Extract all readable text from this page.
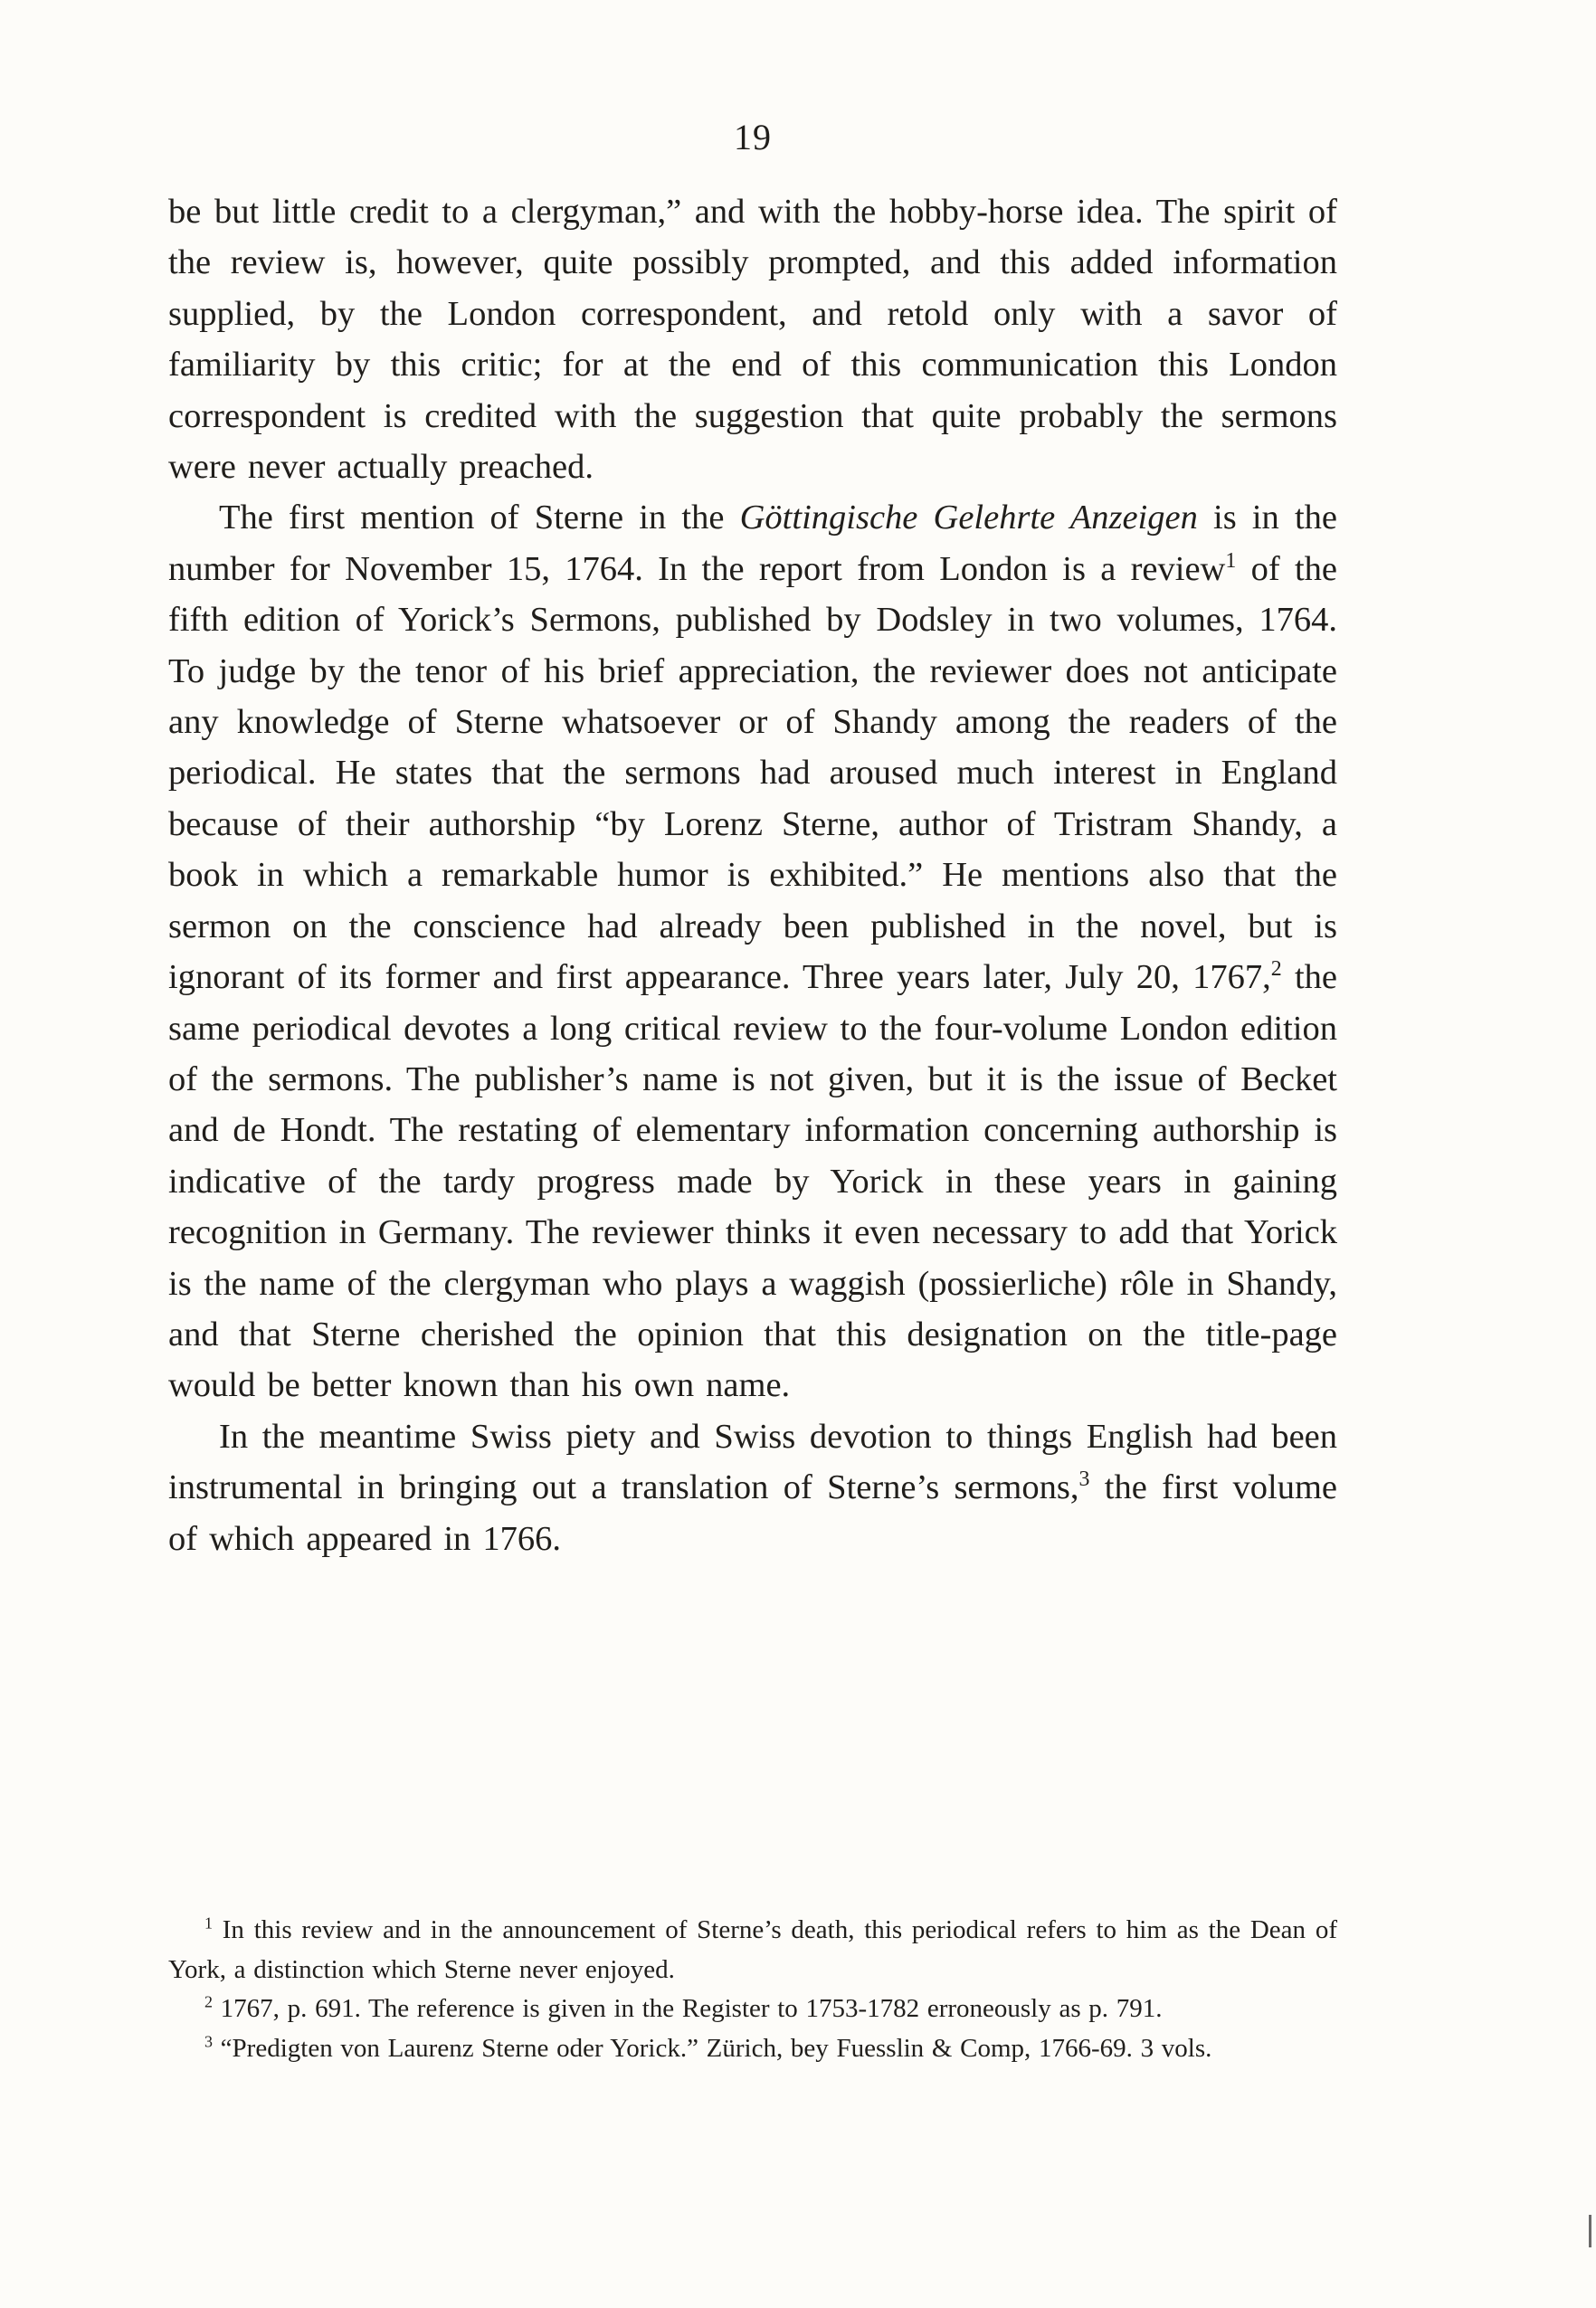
19

be but little credit to a clergyman,” and with the hobby-horse idea. The spirit of the review is, however, quite possibly prompted, and this added information supplied, by the London correspondent, and retold only with a savor of familiarity by this critic; for at the end of this communication this London correspondent is credited with the suggestion that quite probably the sermons were never actually preached.

The first mention of Sterne in the Göttingische Gelehrte Anzeigen is in the number for November 15, 1764. In the report from London is a review$^1$ of the fifth edition of Yorick’s Sermons, published by Dodsley in two volumes, 1764. To judge by the tenor of his brief appreciation, the reviewer does not anticipate any knowledge of Sterne whatsoever or of Shandy among the readers of the periodical. He states that the sermons had aroused much interest in England because of their authorship “by Lorenz Sterne, author of Tristram Shandy, a book in which a remarkable humor is exhibited.” He mentions also that the sermon on the conscience had already been published in the novel, but is ignorant of its former and first appearance. Three years later, July 20, 1767,$^2$ the same periodical devotes a long critical review to the four-volume London edition of the sermons. The publisher’s name is not given, but it is the issue of Becket and de Hondt. The restating of elementary information concerning authorship is indicative of the tardy progress made by Yorick in these years in gaining recognition in Germany. The reviewer thinks it even necessary to add that Yorick is the name of the clergyman who plays a waggish (possierliche) rôle in Shandy, and that Sterne cherished the opinion that this designation on the title-page would be better known than his own name.

In the meantime Swiss piety and Swiss devotion to things English had been instrumental in bringing out a translation of Sterne’s sermons,$^3$ the first volume of which appeared in 1766.

$^1$ In this review and in the announcement of Sterne’s death, this periodical refers to him as the Dean of York, a distinction which Sterne never enjoyed.

$^2$ 1767, p. 691. The reference is given in the Register to 1753-1782 erroneously as p. 791.

$^3$ “Predigten von Laurenz Sterne oder Yorick.” Zürich, bey Fuesslin & Comp, 1766-69. 3 vols.
